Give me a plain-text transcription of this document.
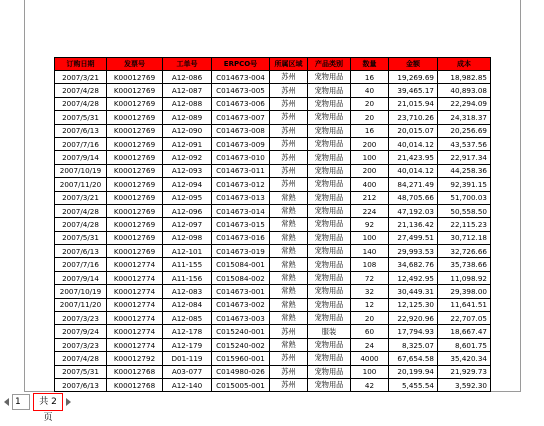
订购日期	发票号	工单号	ERPCO号	所属区域	产品类别	数量	金额	成本
2007/3/21	K00012769	A12-086	C014673-004	苏州	宠物用品	16	19,269.69	18,982.85
2007/4/28	K00012769	A12-087	C014673-005	苏州	宠物用品	40	39,465.17	40,893.08
2007/4/28	K00012769	A12-088	C014673-006	苏州	宠物用品	20	21,015.94	22,294.09
2007/5/31	K00012769	A12-089	C014673-007	苏州	宠物用品	20	23,710.26	24,318.37
2007/6/13	K00012769	A12-090	C014673-008	苏州	宠物用品	16	20,015.07	20,256.69
2007/7/16	K00012769	A12-091	C014673-009	苏州	宠物用品	200	40,014.12	43,537.56
2007/9/14	K00012769	A12-092	C014673-010	苏州	宠物用品	100	21,423.95	22,917.34
2007/10/19	K00012769	A12-093	C014673-011	苏州	宠物用品	200	40,014.12	44,258.36
2007/11/20	K00012769	A12-094	C014673-012	苏州	宠物用品	400	84,271.49	92,391.15
2007/3/21	K00012769	A12-095	C014673-013	常熟	宠物用品	212	48,705.66	51,700.03
2007/4/28	K00012769	A12-096	C014673-014	常熟	宠物用品	224	47,192.03	50,558.50
2007/4/28	K00012769	A12-097	C014673-015	常熟	宠物用品	92	21,136.42	22,115.23
2007/5/31	K00012769	A12-098	C014673-016	常熟	宠物用品	100	27,499.51	30,712.18
2007/6/13	K00012769	A12-101	C014673-019	常熟	宠物用品	140	29,993.53	32,726.66
2007/7/16	K00012774	A11-155	C015084-001	常熟	宠物用品	108	34,682.76	35,738.66
2007/9/14	K00012774	A11-156	C015084-002	常熟	宠物用品	72	12,492.95	11,098.92
2007/10/19	K00012774	A12-083	C014673-001	常熟	宠物用品	32	30,449.31	29,398.00
2007/11/20	K00012774	A12-084	C014673-002	常熟	宠物用品	12	12,125.30	11,641.51
2007/3/23	K00012774	A12-085	C014673-003	常熟	宠物用品	20	22,920.96	22,707.05
2007/9/24	K00012774	A12-178	C015240-001	苏州	服装	60	17,794.93	18,667.47
2007/3/23	K00012774	A12-179	C015240-002	常熟	宠物用品	24	8,325.07	8,601.75
2007/4/28	K00012792	D01-119	C015960-001	苏州	宠物用品	4000	67,654.58	35,420.34
2007/5/31	K00012768	A03-077	C014980-026	苏州	宠物用品	100	20,199.94	21,929.73
2007/6/13	K00012768	A12-140	C015005-001	苏州	宠物用品	42	5,455.54	3,592.30

1
共 2 页
